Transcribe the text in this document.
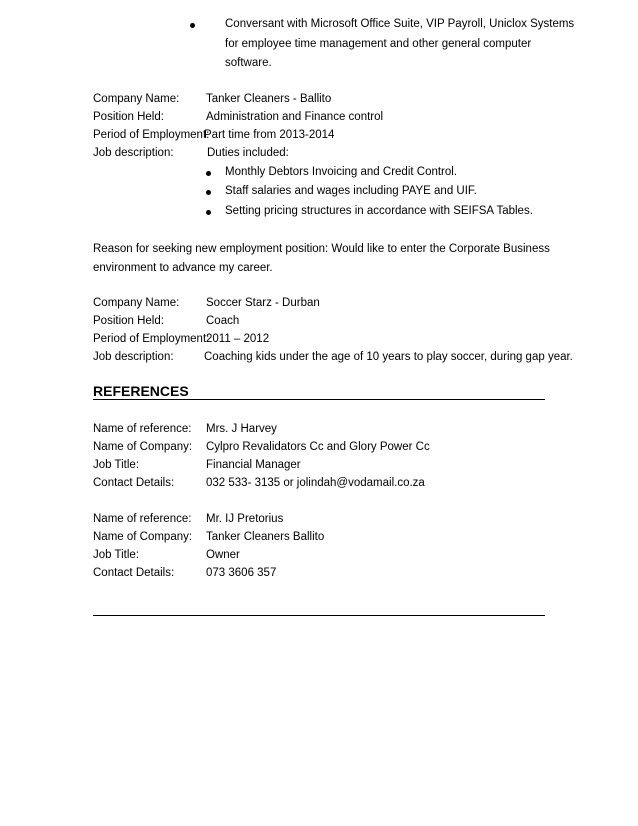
Conversant with Microsoft Office Suite, VIP Payroll, Uniclox Systems
for employee time management and other general computer
software.
Company Name: Tanker Cleaners - Ballito
Position Held:	Administration and Finance control
Period of Employment:
Part time from 2013-2014
Job description:	Duties included:
Monthly Debtors Invoicing and Credit Control.
Staff salaries and wages including PAYE and UIF.
Setting pricing structures in accordance with SEIFSA Tables.
Reason for seeking new employment position: Would like to enter the Corporate Business
environment to advance my career.
Company Name: Soccer Starz - Durban
Position Held:	Coach
Period of Employment:
2011 – 2012
Job description:	Coaching kids under the age of 10 years to play soccer, during gap year.
REFERENCES
Name of reference: Mrs. J Harvey
Name of Company: Cylpro Revalidators Cc and Glory Power Cc
Job Title:	Financial Manager
Contact Details:	032 533- 3135 or jolindah@vodamail.co.za
Name of reference: Mr. IJ Pretorius
Name of Company: Tanker Cleaners Ballito
Job Title:	Owner
Contact Details:	073 3606 357
